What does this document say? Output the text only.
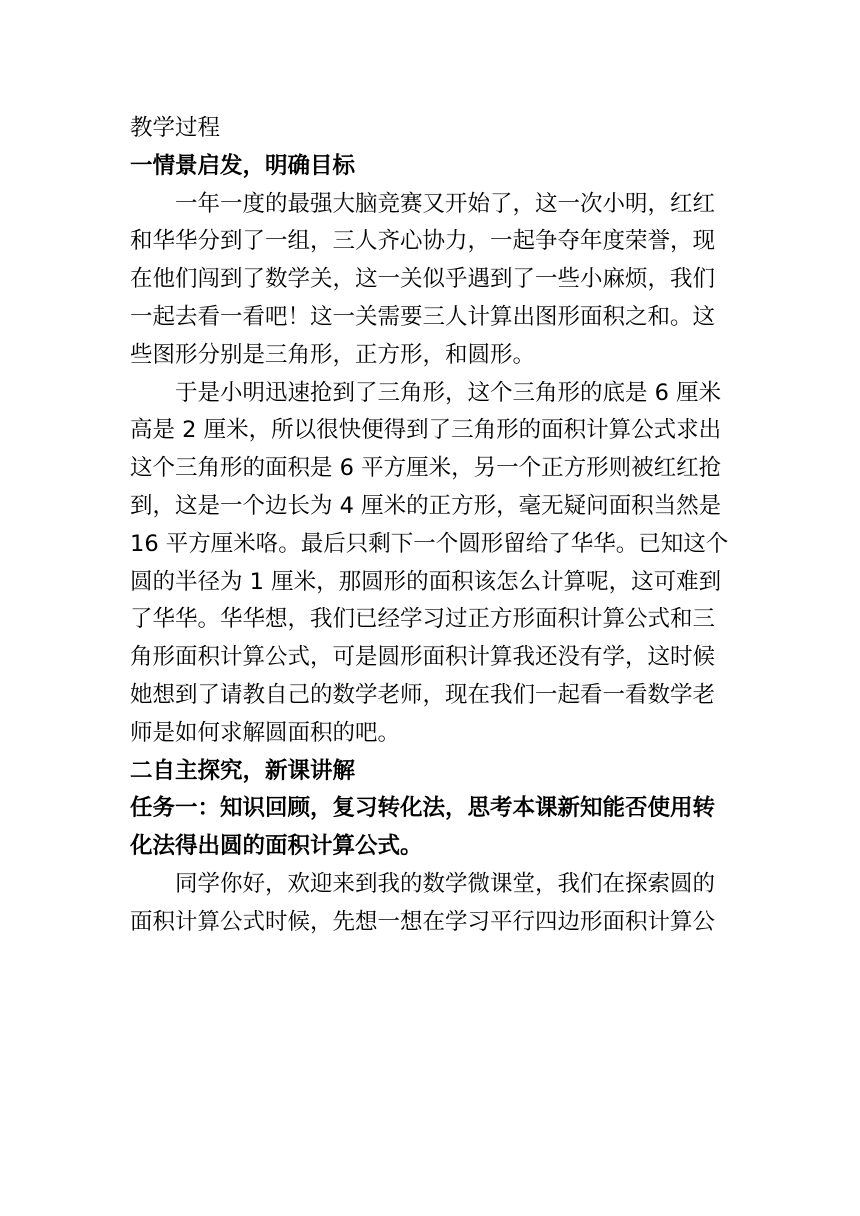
教学过程

一情景启发，明确目标

一年一度的最强大脑竞赛又开始了，这一次小明，红红

和华华分到了一组，三人齐心协力，一起争夺年度荣誉，现

在他们闯到了数学关，这一关似乎遇到了一些小麻烦，我们

一起去看一看吧！这一关需要三人计算出图形面积之和。这

些图形分别是三角形，正方形，和圆形。

于是小明迅速抢到了三角形，这个三角形的底是 6 厘米

高是 2 厘米，所以很快便得到了三角形的面积计算公式求出

这个三角形的面积是 6 平方厘米，另一个正方形则被红红抢

到，这是一个边长为 4 厘米的正方形，毫无疑问面积当然是

16 平方厘米咯。最后只剩下一个圆形留给了华华。已知这个

圆的半径为 1 厘米，那圆形的面积该怎么计算呢，这可难到

了华华。华华想，我们已经学习过正方形面积计算公式和三

角形面积计算公式，可是圆形面积计算我还没有学，这时候

她想到了请教自己的数学老师，现在我们一起看一看数学老

师是如何求解圆面积的吧。

二自主探究，新课讲解

任务一：知识回顾，复习转化法，思考本课新知能否使用转

化法得出圆的面积计算公式。

同学你好，欢迎来到我的数学微课堂，我们在探索圆的

面积计算公式时候，先想一想在学习平行四边形面积计算公
